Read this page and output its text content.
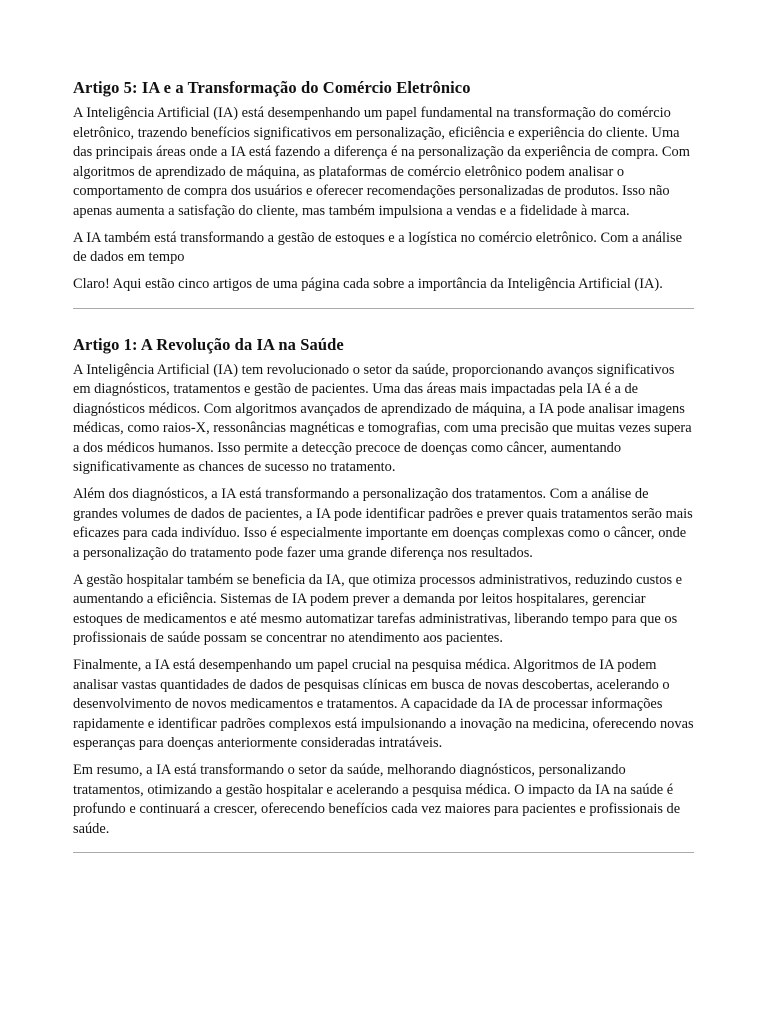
Artigo 5: IA e a Transformação do Comércio Eletrônico

A Inteligência Artificial (IA) está desempenhando um papel fundamental na transformação do comércio eletrônico, trazendo benefícios significativos em personalização, eficiência e experiência do cliente. Uma das principais áreas onde a IA está fazendo a diferença é na personalização da experiência de compra. Com algoritmos de aprendizado de máquina, as plataformas de comércio eletrônico podem analisar o comportamento de compra dos usuários e oferecer recomendações personalizadas de produtos. Isso não apenas aumenta a satisfação do cliente, mas também impulsiona a vendas e a fidelidade à marca.

A IA também está transformando a gestão de estoques e a logística no comércio eletrônico. Com a análise de dados em tempo

Claro! Aqui estão cinco artigos de uma página cada sobre a importância da Inteligência Artificial (IA).

Artigo 1: A Revolução da IA na Saúde

A Inteligência Artificial (IA) tem revolucionado o setor da saúde, proporcionando avanços significativos em diagnósticos, tratamentos e gestão de pacientes. Uma das áreas mais impactadas pela IA é a de diagnósticos médicos. Com algoritmos avançados de aprendizado de máquina, a IA pode analisar imagens médicas, como raios-X, ressonâncias magnéticas e tomografias, com uma precisão que muitas vezes supera a dos médicos humanos. Isso permite a detecção precoce de doenças como câncer, aumentando significativamente as chances de sucesso no tratamento.

Além dos diagnósticos, a IA está transformando a personalização dos tratamentos. Com a análise de grandes volumes de dados de pacientes, a IA pode identificar padrões e prever quais tratamentos serão mais eficazes para cada indivíduo. Isso é especialmente importante em doenças complexas como o câncer, onde a personalização do tratamento pode fazer uma grande diferença nos resultados.

A gestão hospitalar também se beneficia da IA, que otimiza processos administrativos, reduzindo custos e aumentando a eficiência. Sistemas de IA podem prever a demanda por leitos hospitalares, gerenciar estoques de medicamentos e até mesmo automatizar tarefas administrativas, liberando tempo para que os profissionais de saúde possam se concentrar no atendimento aos pacientes.

Finalmente, a IA está desempenhando um papel crucial na pesquisa médica. Algoritmos de IA podem analisar vastas quantidades de dados de pesquisas clínicas em busca de novas descobertas, acelerando o desenvolvimento de novos medicamentos e tratamentos. A capacidade da IA de processar informações rapidamente e identificar padrões complexos está impulsionando a inovação na medicina, oferecendo novas esperanças para doenças anteriormente consideradas intratáveis.

Em resumo, a IA está transformando o setor da saúde, melhorando diagnósticos, personalizando tratamentos, otimizando a gestão hospitalar e acelerando a pesquisa médica. O impacto da IA na saúde é profundo e continuará a crescer, oferecendo benefícios cada vez maiores para pacientes e profissionais de saúde.
